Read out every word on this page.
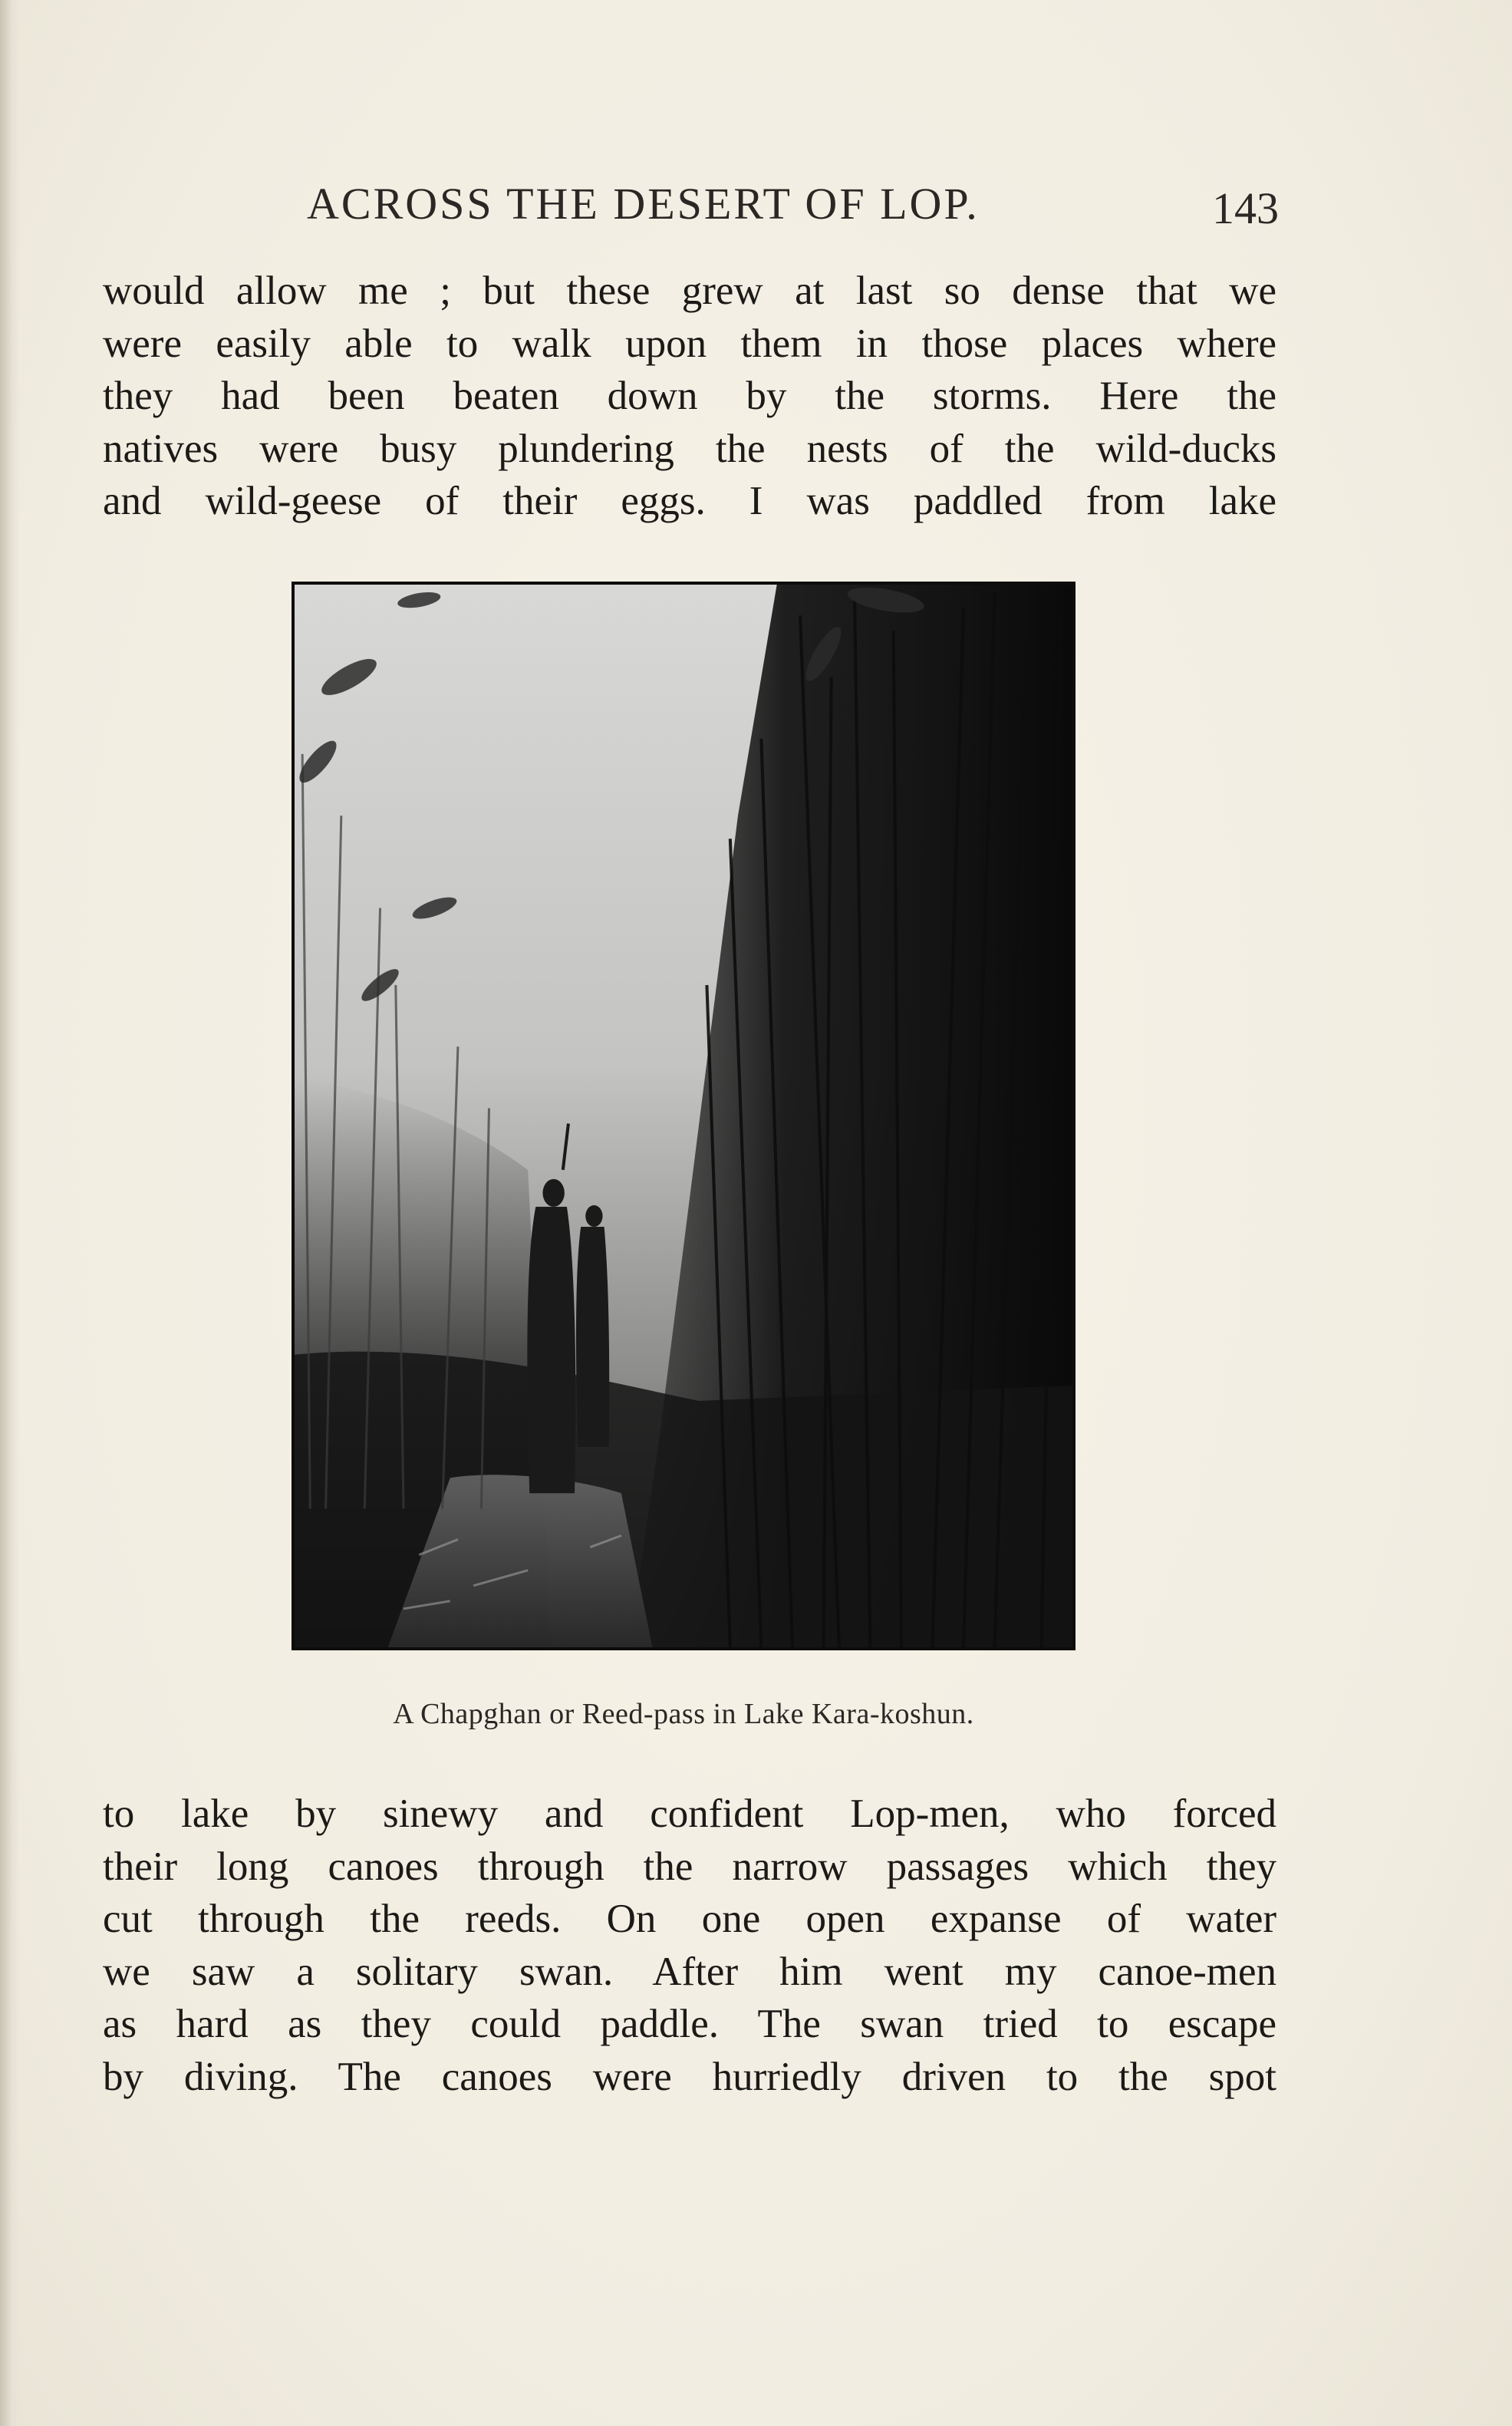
ACROSS THE DESERT OF LOP.	143
would allow me ; but these grew at last so dense that we
were easily able to walk upon them in those places where
they had been beaten down by the storms. Here the
natives were busy plundering the nests of the wild-ducks
and wild-geese of their eggs. I was paddled from lake
A Chapghan or Reed-pass in Lake Kara-koshun.
to lake by sinewy and confident Lop-men, who forced
their long canoes through the narrow passages which they
cut through the reeds. On one open expanse of water
we saw a solitary swan. After him went my canoe-men
as hard as they could paddle. The swan tried to escape
by diving. The canoes were hurriedly driven to the spot
